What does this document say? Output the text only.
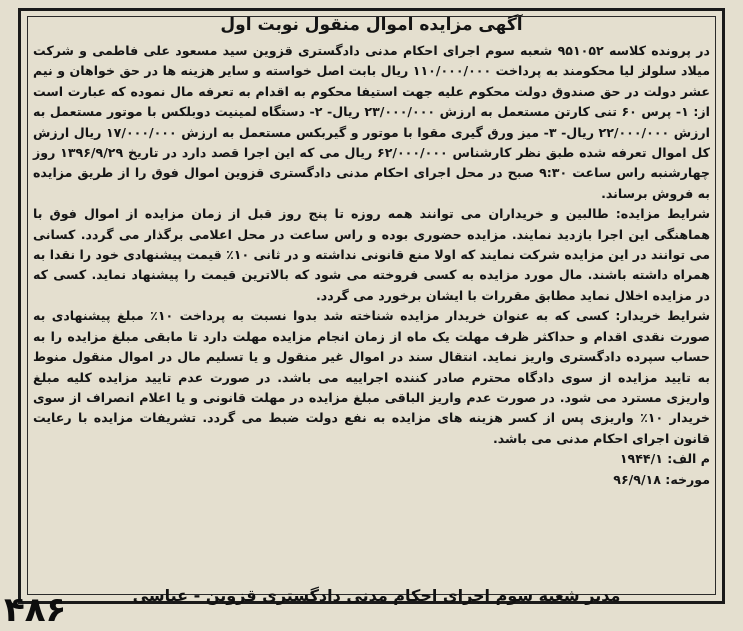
آگهی مزایده اموال منقول نوبت اول

در پرونده کلاسه ۹۵۱۰۵۲ شعبه سوم اجرای احکام مدنی دادگستری قزوین سید مسعود علی فاطمی و شرکت میلاد سلولز لیا محکومند به پرداخت ۱۱۰/۰۰۰/۰۰۰ ریال بابت اصل خواسته و سایر هزینه ها در حق خواهان و نیم عشر دولت در حق صندوق دولت محکوم علیه جهت استیفا محکوم به اقدام به تعرفه مال نموده که عبارت است از: ۱- پرس ۶۰ تنی کارتن مستعمل به ارزش ۲۳/۰۰۰/۰۰۰ ریال- ۲- دستگاه لمینیت دوبلکس با موتور مستعمل به ارزش ۲۲/۰۰۰/۰۰۰ ریال- ۳- میز ورق گیری مقوا با موتور و گیربکس مستعمل به ارزش ۱۷/۰۰۰/۰۰۰ ریال ارزش کل اموال تعرفه شده طبق نظر کارشناس ۶۲/۰۰۰/۰۰۰ ریال می که این اجرا قصد دارد در تاریخ ۱۳۹۶/۹/۲۹ روز چهارشنبه راس ساعت ۹:۳۰ صبح در محل اجرای احکام مدنی دادگستری قزوین اموال فوق را از طریق مزایده به فروش برساند.

شرایط مزایده: طالبین و خریداران می توانند همه روزه تا پنج روز قبل از زمان مزایده از اموال فوق با هماهنگی این اجرا بازدید نمایند. مزایده حضوری بوده و راس ساعت در محل اعلامی برگذار می گردد. کسانی می توانند در این مزایده شرکت نمایند که اولا منع قانونی نداشته و در ثانی ۱۰٪ قیمت پیشنهادی خود را نقدا به همراه داشته باشند. مال مورد مزایده به کسی فروخته می شود که بالاترین قیمت را پیشنهاد نماید. کسی که در مزایده اخلال نماید مطابق مقررات با ایشان برخورد می گردد.

شرایط خریدار: کسی که به عنوان خریدار مزایده شناخته شد بدوا نسبت به پرداخت ۱۰٪ مبلغ پیشنهادی به صورت نقدی اقدام و حداکثر ظرف مهلت یک ماه از زمان انجام مزایده مهلت دارد تا مابقی مبلغ مزایده را به حساب سپرده دادگستری واریز نماید. انتقال سند در اموال غیر منقول و یا تسلیم مال در اموال منقول منوط به تایید مزایده از سوی دادگاه محترم صادر کننده اجراییه می باشد. در صورت عدم تایید مزایده کلیه مبلغ واریزی مسترد می شود. در صورت عدم واریز الباقی مبلغ مزایده در مهلت قانونی و یا اعلام انصراف از سوی خریدار ۱۰٪ واریزی پس از کسر هزینه های مزایده به نفع دولت ضبط می گردد. تشریفات مزایده با رعایت قانون اجرای احکام مدنی می باشد.

م الف: ۱۹۴۴/۱
مورخه: ۹۶/۹/۱۸
مدیر شعبه سوم اجرای احکام مدنی دادگستری قزوین - عباسی
۴۸۶
